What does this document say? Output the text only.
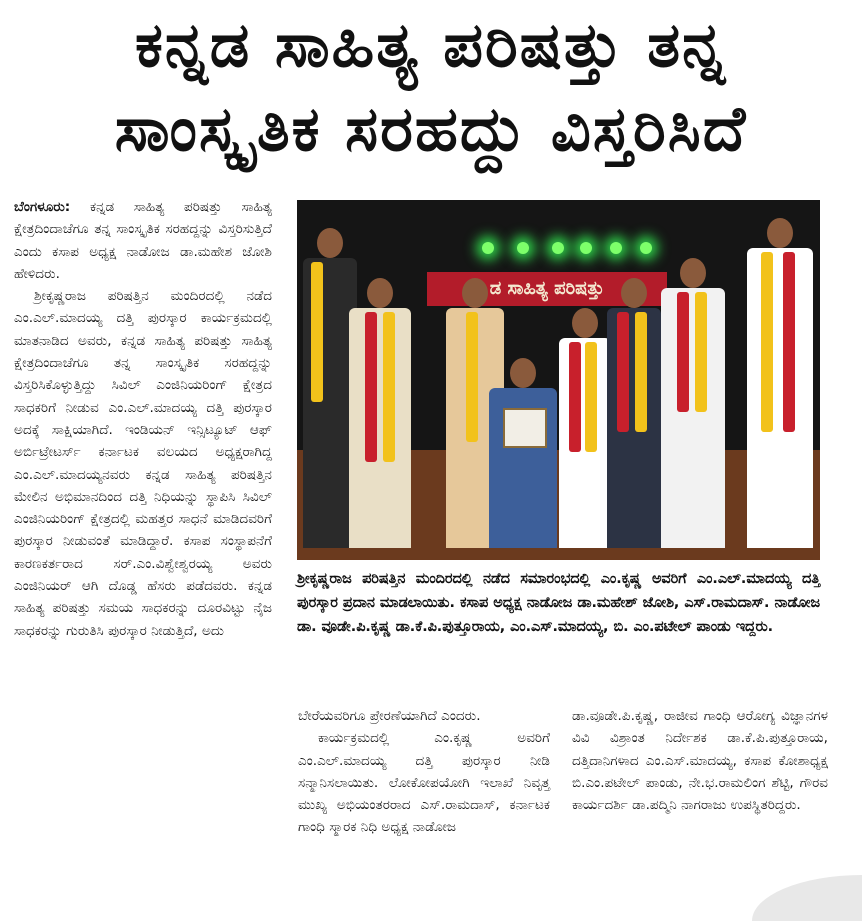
ಕನ್ನಡ ಸಾಹಿತ್ಯ ಪರಿಷತ್ತು ತನ್ನ
ಸಾಂಸ್ಕೃತಿಕ ಸರಹದ್ದು ವಿಸ್ತರಿಸಿದೆ

ಬೆಂಗಳೂರು: ಕನ್ನಡ ಸಾಹಿತ್ಯ ಪರಿಷತ್ತು ಸಾಹಿತ್ಯ ಕ್ಷೇತ್ರದಿಂದಾಚೆಗೂ ತನ್ನ ಸಾಂಸ್ಕೃತಿಕ ಸರಹದ್ದನ್ನು ವಿಸ್ತರಿಸುತ್ತಿದೆ ಎಂದು ಕಸಾಪ ಅಧ್ಯಕ್ಷ ನಾಡೋಜ ಡಾ.ಮಹೇಶ ಜೋಶಿ ಹೇಳಿದರು.

ಶ್ರೀಕೃಷ್ಣರಾಜ ಪರಿಷತ್ತಿನ ಮಂದಿರದಲ್ಲಿ ನಡೆದ ಎಂ.ಎಲ್.ಮಾದಯ್ಯ ದತ್ತಿ ಪುರಸ್ಕಾರ ಕಾರ್ಯಕ್ರಮದಲ್ಲಿ ಮಾತನಾಡಿದ ಅವರು, ಕನ್ನಡ ಸಾಹಿತ್ಯ ಪರಿಷತ್ತು ಸಾಹಿತ್ಯ ಕ್ಷೇತ್ರದಿಂದಾಚೆಗೂ ತನ್ನ ಸಾಂಸ್ಕೃತಿಕ ಸರಹದ್ದನ್ನು ವಿಸ್ತರಿಸಿಕೊಳ್ಳುತ್ತಿದ್ದು ಸಿವಿಲ್ ಎಂಜಿನಿಯರಿಂಗ್ ಕ್ಷೇತ್ರದ ಸಾಧಕರಿಗೆ ನೀಡುವ ಎಂ.ಎಲ್.ಮಾದಯ್ಯ ದತ್ತಿ ಪುರಸ್ಕಾರ ಅದಕ್ಕೆ ಸಾಕ್ಷಿಯಾಗಿದೆ. ಇಂಡಿಯನ್ ಇನ್ಸಿಟ್ಯೂಟ್ ಆಫ್ ಅರ್ಬಿಟ್ರೇಟರ್ಸ್ ಕರ್ನಾಟಕ ವಲಯದ ಅಧ್ಯಕ್ಷರಾಗಿದ್ದ ಎಂ.ಎಲ್.ಮಾದಯ್ಯನವರು ಕನ್ನಡ ಸಾಹಿತ್ಯ ಪರಿಷತ್ತಿನ ಮೇಲಿನ ಅಭಿಮಾನದಿಂದ ದತ್ತಿ ನಿಧಿಯನ್ನು ಸ್ಥಾಪಿಸಿ ಸಿವಿಲ್ ಎಂಜಿನಿಯರಿಂಗ್ ಕ್ಷೇತ್ರದಲ್ಲಿ ಮಹತ್ತರ ಸಾಧನೆ ಮಾಡಿದವರಿಗೆ ಪುರಸ್ಕಾರ ನೀಡುವಂತೆ ಮಾಡಿದ್ದಾರೆ. ಕಸಾಪ ಸಂಸ್ಥಾಪನೆಗೆ ಕಾರಣಕರ್ತರಾದ ಸರ್.ಎಂ.ವಿಶ್ವೇಶ್ವರಯ್ಯ ಅವರು ಎಂಜಿನಿಯರ್ ಆಗಿ ದೊಡ್ಡ ಹೆಸರು ಪಡೆದವರು. ಕನ್ನಡ ಸಾಹಿತ್ಯ ಪರಿಷತ್ತು ಸಮಯ ಸಾಧಕರನ್ನು ದೂರವಿಟ್ಟು ನೈಜ ಸಾಧಕರನ್ನು ಗುರುತಿಸಿ ಪುರಸ್ಕಾರ ನೀಡುತ್ತಿದೆ, ಅದು

ಡ ಸಾಹಿತ್ಯ ಪರಿಷತ್ತು
ಶ್ರೀಕೃಷ್ಣರಾಜ ಪರಿಷತ್ತಿನ ಮಂದಿರದಲ್ಲಿ ನಡೆದ ಸಮಾರಂಭದಲ್ಲಿ ಎಂ.ಕೃಷ್ಣ ಅವರಿಗೆ ಎಂ.ಎಲ್.ಮಾದಯ್ಯ ದತ್ತಿ ಪುರಸ್ಕಾರ ಪ್ರದಾನ ಮಾಡಲಾಯಿತು. ಕಸಾಪ ಅಧ್ಯಕ್ಷ ನಾಡೋಜ ಡಾ.ಮಹೇಶ್ ಜೋಶಿ, ಎಸ್.ರಾಮದಾಸ್. ನಾಡೋಜ ಡಾ. ವೂಡೇ.ಪಿ.ಕೃಷ್ಣ ಡಾ.ಕೆ.ಪಿ.ಪುತ್ತೂರಾಯ, ಎಂ.ಎಸ್.ಮಾದಯ್ಯ, ಬಿ. ಎಂ.ಪಟೇಲ್ ಪಾಂಡು ಇದ್ದರು.

ಬೇರೆಯವರಿಗೂ ಪ್ರೇರಣೆಯಾಗಿದೆ ಎಂದರು.

ಕಾರ್ಯಕ್ರಮದಲ್ಲಿ ಎಂ.ಕೃಷ್ಣ ಅವರಿಗೆ ಎಂ.ಎಲ್.ಮಾದಯ್ಯ ದತ್ತಿ ಪುರಸ್ಕಾರ ನೀಡಿ ಸನ್ಮಾನಿಸಲಾಯಿತು. ಲೋಕೋಪಯೋಗಿ ಇಲಾಖೆ ನಿವೃತ್ತ ಮುಖ್ಯ ಅಭಿಯಂತರರಾದ ಎಸ್.ರಾಮದಾಸ್, ಕರ್ನಾಟಕ ಗಾಂಧಿ ಸ್ಮಾರಕ ನಿಧಿ ಅಧ್ಯಕ್ಷ ನಾಡೋಜ

ಡಾ.ವೂಡೇ.ಪಿ.ಕೃಷ್ಣ, ರಾಜೀವ ಗಾಂಧಿ ಆರೋಗ್ಯ ವಿಜ್ಞಾನಗಳ ವಿವಿ ವಿಶ್ರಾಂತ ನಿರ್ದೇಶಕ ಡಾ.ಕೆ.ಪಿ.ಪುತ್ತೂರಾಯ, ದತ್ತಿದಾನಿಗಳಾದ ಎಂ.ಎಸ್.ಮಾದಯ್ಯ, ಕಸಾಪ ಕೋಶಾಧ್ಯಕ್ಷ ಬಿ.ಎಂ.ಪಟೇಲ್ ಪಾಂಡು, ನೇ.ಭ.ರಾಮಲಿಂಗ ಶೆಟ್ಟಿ, ಗೌರವ ಕಾರ್ಯದರ್ಶಿ ಡಾ.ಪದ್ಮಿನಿ ನಾಗರಾಜು ಉಪಸ್ಥಿತರಿದ್ದರು.
